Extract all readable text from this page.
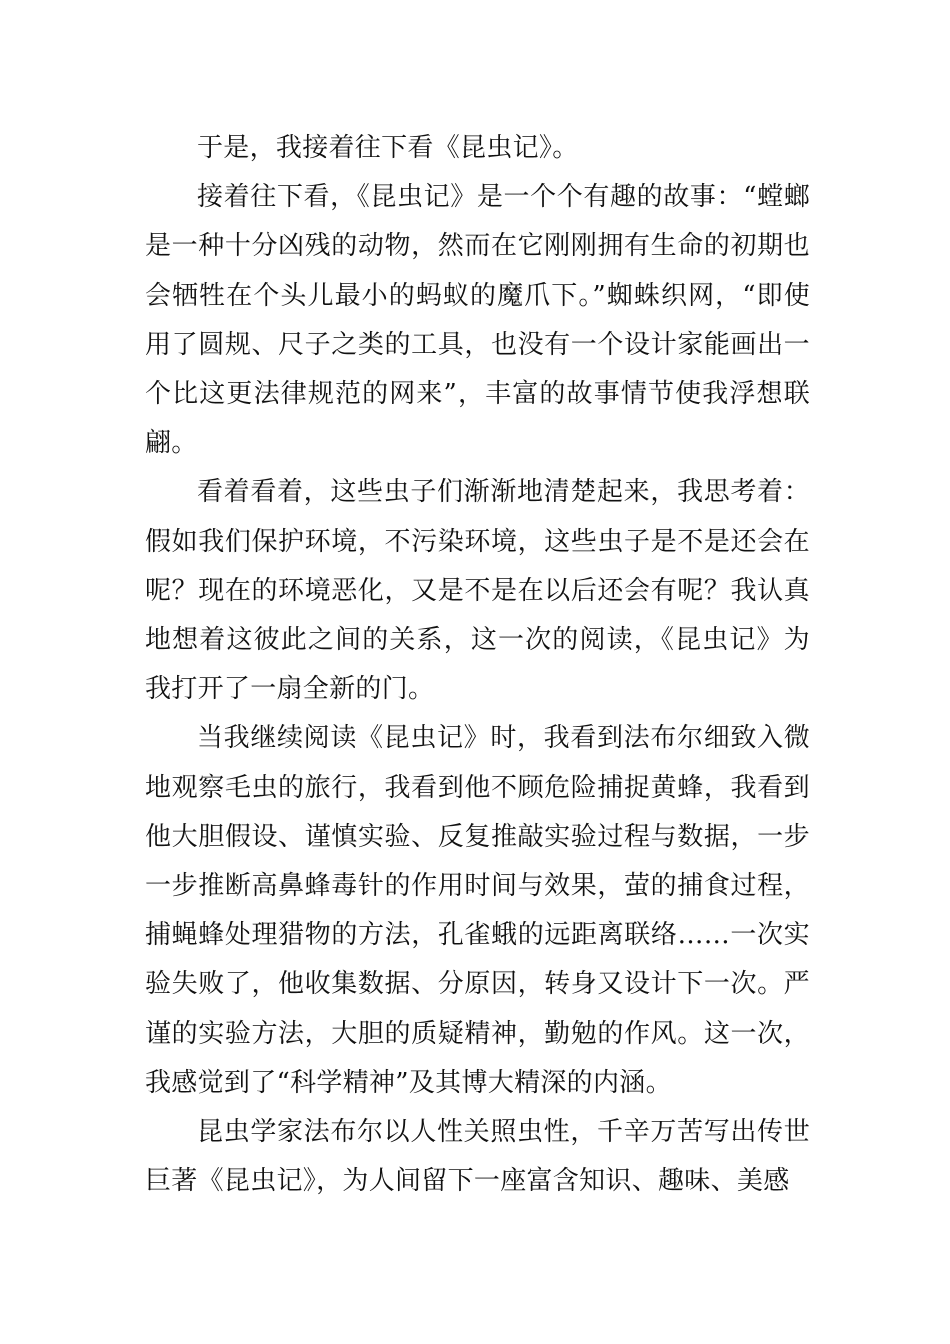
于是，我接着往下看《昆虫记》。

接着往下看，《昆虫记》是一个个有趣的故事：“螳螂是一种十分凶残的动物，然而在它刚刚拥有生命的初期也会牺牲在个头儿最小的蚂蚁的魔爪下。”蜘蛛织网，“即使用了圆规、尺子之类的工具，也没有一个设计家能画出一个比这更法律规范的网来”，丰富的故事情节使我浮想联翩。

看着看着，这些虫子们渐渐地清楚起来，我思考着：假如我们保护环境，不污染环境，这些虫子是不是还会在呢？现在的环境恶化，又是不是在以后还会有呢？我认真地想着这彼此之间的关系，这一次的阅读，《昆虫记》为我打开了一扇全新的门。

当我继续阅读《昆虫记》时，我看到法布尔细致入微地观察毛虫的旅行，我看到他不顾危险捕捉黄蜂，我看到他大胆假设、谨慎实验、反复推敲实验过程与数据，一步一步推断高鼻蜂毒针的作用时间与效果，萤的捕食过程，捕蝇蜂处理猎物的方法，孔雀蛾的远距离联络……一次实验失败了，他收集数据、分原因，转身又设计下一次。严谨的实验方法，大胆的质疑精神，勤勉的作风。这一次，我感觉到了“科学精神”及其博大精深的内涵。

昆虫学家法布尔以人性关照虫性，千辛万苦写出传世巨著《昆虫记》，为人间留下一座富含知识、趣味、美感
